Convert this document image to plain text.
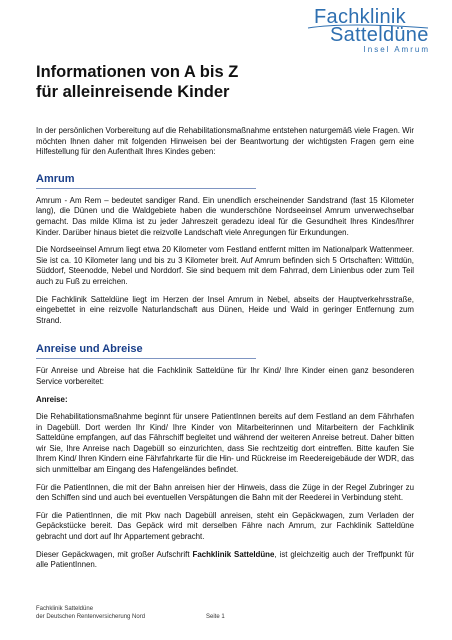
Fachklinik
Satteldüne
Insel Amrum
Informationen von A bis Z
für alleinreisende Kinder

In der persönlichen Vorbereitung auf die Rehabilitationsmaßnahme entstehen naturgemäß viele Fragen. Wir möchten Ihnen daher mit folgenden Hinweisen bei der Beantwortung der wichtigsten Fragen gern eine Hilfestellung für den Aufenthalt Ihres Kindes geben:

Amrum

Amrum - Am Rem – bedeutet sandiger Rand. Ein unendlich erscheinender Sandstrand (fast 15 Kilometer lang), die Dünen und die Waldgebiete haben die wunderschöne Nordseeinsel Amrum unverwechselbar gemacht. Das milde Klima ist zu jeder Jahreszeit geradezu ideal für die Gesundheit Ihres Kindes/Ihrer Kinder. Darüber hinaus bietet die reizvolle Landschaft viele Anregungen für Erkundungen.

Die Nordseeinsel Amrum liegt etwa 20 Kilometer vom Festland entfernt mitten im Nationalpark Wattenmeer. Sie ist ca. 10 Kilometer lang und bis zu 3 Kilometer breit. Auf Amrum befinden sich 5 Ortschaften: Wittdün, Süddorf, Steenodde, Nebel und Norddorf. Sie sind bequem mit dem Fahrrad, dem Linienbus oder zum Teil auch zu Fuß zu erreichen.

Die Fachklinik Satteldüne liegt im Herzen der Insel Amrum in Nebel, abseits der Hauptverkehrsstraße, eingebettet in eine reizvolle Naturlandschaft aus Dünen, Heide und Wald in geringer Entfernung zum Strand.

Anreise und Abreise

Für Anreise und Abreise hat die Fachklinik Satteldüne für Ihr Kind/ Ihre Kinder einen ganz besonderen Service vorbereitet:

Anreise:

Die Rehabilitationsmaßnahme beginnt für unsere PatientInnen bereits auf dem Festland an dem Fährhafen in Dagebüll. Dort werden Ihr Kind/ Ihre Kinder von Mitarbeiterinnen und Mitarbeitern der Fachklinik Satteldüne empfangen, auf das Fährschiff begleitet und während der weiteren Anreise betreut. Daher bitten wir Sie, Ihre Anreise nach Dagebüll so einzurichten, dass Sie rechtzeitig dort eintreffen. Bitte kaufen Sie Ihrem Kind/ Ihren Kindern eine Fährfahrkarte für die Hin- und Rückreise im Reedereigebäude der WDR, das sich unmittelbar am Eingang des Hafengeländes befindet.

Für die PatientInnen, die mit der Bahn anreisen hier der Hinweis, dass die Züge in der Regel Zubringer zu den Schiffen sind und auch bei eventuellen Verspätungen die Bahn mit der Reederei in Verbindung steht.

Für die PatientInnen, die mit Pkw nach Dagebüll anreisen, steht ein Gepäckwagen, zum Verladen der Gepäckstücke bereit. Das Gepäck wird mit derselben Fähre nach Amrum, zur Fachklinik Satteldüne gebracht und dort auf Ihr Appartement gebracht.

Dieser Gepäckwagen, mit großer Aufschrift Fachklinik Satteldüne, ist gleichzeitig auch der Treffpunkt für alle PatientInnen.

Fachklinik Satteldüne
der Deutschen Rentenversicherung Nord	Seite 1
